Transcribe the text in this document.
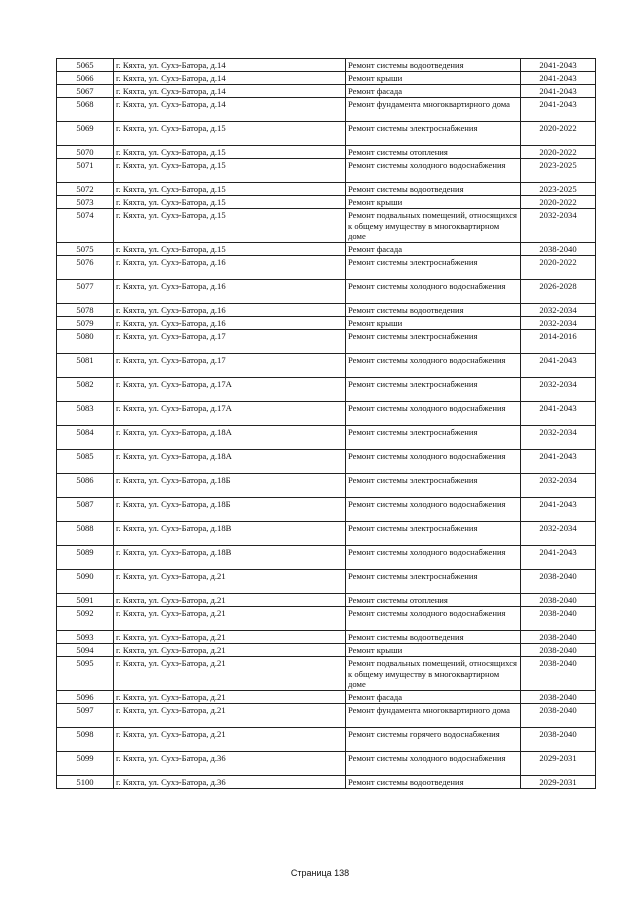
5065	г. Кяхта, ул. Сухэ-Батора, д.14	Ремонт системы водоотведения	2041-2043
5066	г. Кяхта, ул. Сухэ-Батора, д.14	Ремонт крыши	2041-2043
5067	г. Кяхта, ул. Сухэ-Батора, д.14	Ремонт фасада	2041-2043
5068	г. Кяхта, ул. Сухэ-Батора, д.14	Ремонт фундамента многоквартирного дома	2041-2043
5069	г. Кяхта, ул. Сухэ-Батора, д.15	Ремонт системы электроснабжения	2020-2022
5070	г. Кяхта, ул. Сухэ-Батора, д.15	Ремонт системы отопления	2020-2022
5071	г. Кяхта, ул. Сухэ-Батора, д.15	Ремонт системы холодного водоснабжения	2023-2025
5072	г. Кяхта, ул. Сухэ-Батора, д.15	Ремонт системы водоотведения	2023-2025
5073	г. Кяхта, ул. Сухэ-Батора, д.15	Ремонт крыши	2020-2022
5074	г. Кяхта, ул. Сухэ-Батора, д.15	Ремонт подвальных помещений, относящихся к общему имуществу в многоквартирном доме	2032-2034
5075	г. Кяхта, ул. Сухэ-Батора, д.15	Ремонт фасада	2038-2040
5076	г. Кяхта, ул. Сухэ-Батора, д.16	Ремонт системы электроснабжения	2020-2022
5077	г. Кяхта, ул. Сухэ-Батора, д.16	Ремонт системы холодного водоснабжения	2026-2028
5078	г. Кяхта, ул. Сухэ-Батора, д.16	Ремонт системы водоотведения	2032-2034
5079	г. Кяхта, ул. Сухэ-Батора, д.16	Ремонт крыши	2032-2034
5080	г. Кяхта, ул. Сухэ-Батора, д.17	Ремонт системы электроснабжения	2014-2016
5081	г. Кяхта, ул. Сухэ-Батора, д.17	Ремонт системы холодного водоснабжения	2041-2043
5082	г. Кяхта, ул. Сухэ-Батора, д.17А	Ремонт системы электроснабжения	2032-2034
5083	г. Кяхта, ул. Сухэ-Батора, д.17А	Ремонт системы холодного водоснабжения	2041-2043
5084	г. Кяхта, ул. Сухэ-Батора, д.18А	Ремонт системы электроснабжения	2032-2034
5085	г. Кяхта, ул. Сухэ-Батора, д.18А	Ремонт системы холодного водоснабжения	2041-2043
5086	г. Кяхта, ул. Сухэ-Батора, д.18Б	Ремонт системы электроснабжения	2032-2034
5087	г. Кяхта, ул. Сухэ-Батора, д.18Б	Ремонт системы холодного водоснабжения	2041-2043
5088	г. Кяхта, ул. Сухэ-Батора, д.18В	Ремонт системы электроснабжения	2032-2034
5089	г. Кяхта, ул. Сухэ-Батора, д.18В	Ремонт системы холодного водоснабжения	2041-2043
5090	г. Кяхта, ул. Сухэ-Батора, д.21	Ремонт системы электроснабжения	2038-2040
5091	г. Кяхта, ул. Сухэ-Батора, д.21	Ремонт системы отопления	2038-2040
5092	г. Кяхта, ул. Сухэ-Батора, д.21	Ремонт системы холодного водоснабжения	2038-2040
5093	г. Кяхта, ул. Сухэ-Батора, д.21	Ремонт системы водоотведения	2038-2040
5094	г. Кяхта, ул. Сухэ-Батора, д.21	Ремонт крыши	2038-2040
5095	г. Кяхта, ул. Сухэ-Батора, д.21	Ремонт подвальных помещений, относящихся к общему имуществу в многоквартирном доме	2038-2040
5096	г. Кяхта, ул. Сухэ-Батора, д.21	Ремонт фасада	2038-2040
5097	г. Кяхта, ул. Сухэ-Батора, д.21	Ремонт фундамента многоквартирного дома	2038-2040
5098	г. Кяхта, ул. Сухэ-Батора, д.21	Ремонт системы горячего водоснабжения	2038-2040
5099	г. Кяхта, ул. Сухэ-Батора, д.36	Ремонт системы холодного водоснабжения	2029-2031
5100	г. Кяхта, ул. Сухэ-Батора, д.36	Ремонт системы водоотведения	2029-2031
Страница 138
